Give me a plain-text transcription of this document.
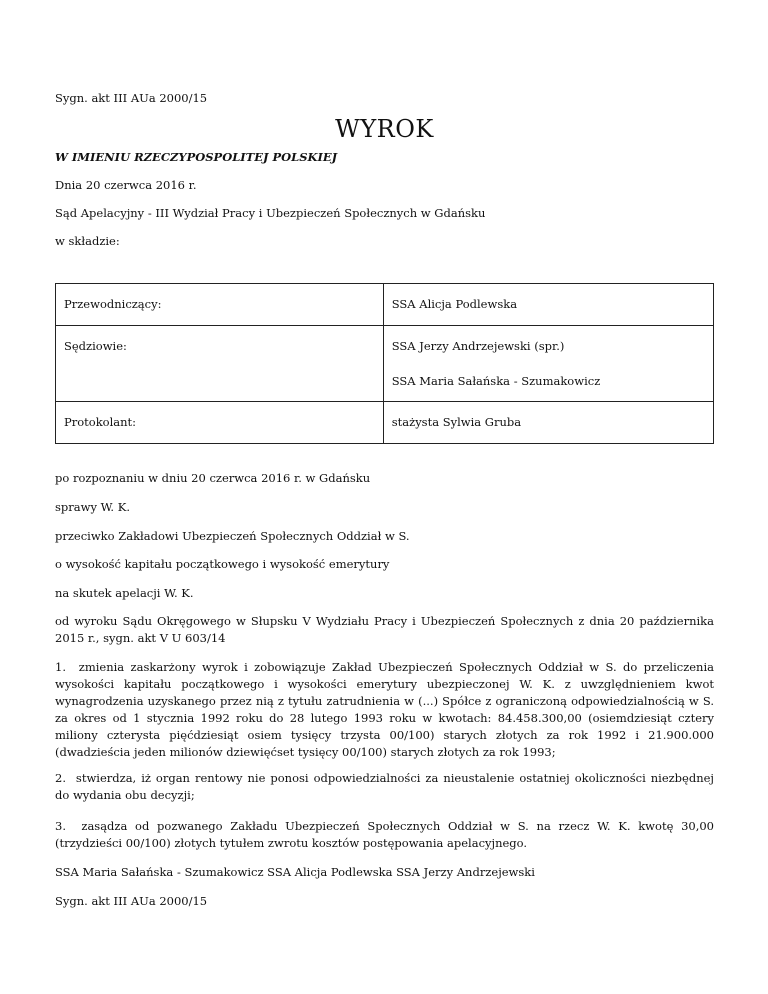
Sygn. akt III AUa 2000/15
WYROK
W IMIENIU RZECZYPOSPOLITEJ POLSKIEJ
Dnia 20 czerwca 2016 r.
Sąd Apelacyjny - III Wydział Pracy i Ubezpieczeń Społecznych w Gdańsku
w składzie:
Przewodniczący:	SSA Alicja Podlewska
Sędziowie:	SSA Jerzy Andrzejewski (spr.)
SSA Maria Sałańska - Szumakowicz

Protokolant:	stażysta Sylwia Gruba
po rozpoznaniu w dniu 20 czerwca 2016 r. w Gdańsku
sprawy W. K.
przeciwko Zakładowi Ubezpieczeń Społecznych Oddział w S.
o wysokość kapitału początkowego i wysokość emerytury
na skutek apelacji W. K.
od wyroku Sądu Okręgowego w Słupsku V Wydziału Pracy i Ubezpieczeń Społecznych z dnia 20 października 2015 r., sygn. akt V U 603/14
1.  zmienia zaskarżony wyrok i zobowiązuje Zakład Ubezpieczeń Społecznych Oddział w S. do przeliczenia wysokości kapitału początkowego i wysokości emerytury ubezpieczonej W. K. z uwzględnieniem kwot wynagrodzenia uzyskanego przez nią z tytułu zatrudnienia w (...) Spółce z ograniczoną odpowiedzialnością w S. za okres od 1 stycznia 1992 roku do 28 lutego 1993 roku w kwotach: 84.458.300,00 (osiemdziesiąt cztery miliony czterysta pięćdziesiąt osiem tysięcy trzysta 00/100) starych złotych za rok 1992 i 21.900.000 (dwadzieścia jeden milionów dziewięćset tysięcy 00/100) starych złotych za rok 1993;
2.  stwierdza, iż organ rentowy nie ponosi odpowiedzialności za nieustalenie ostatniej okoliczności niezbędnej do wydania obu decyzji;
3.  zasądza od pozwanego Zakładu Ubezpieczeń Społecznych Oddział w S. na rzecz W. K. kwotę 30,00 (trzydzieści 00/100) złotych tytułem zwrotu kosztów postępowania apelacyjnego.
SSA Maria Sałańska - Szumakowicz SSA Alicja Podlewska SSA Jerzy Andrzejewski
Sygn. akt III AUa 2000/15
